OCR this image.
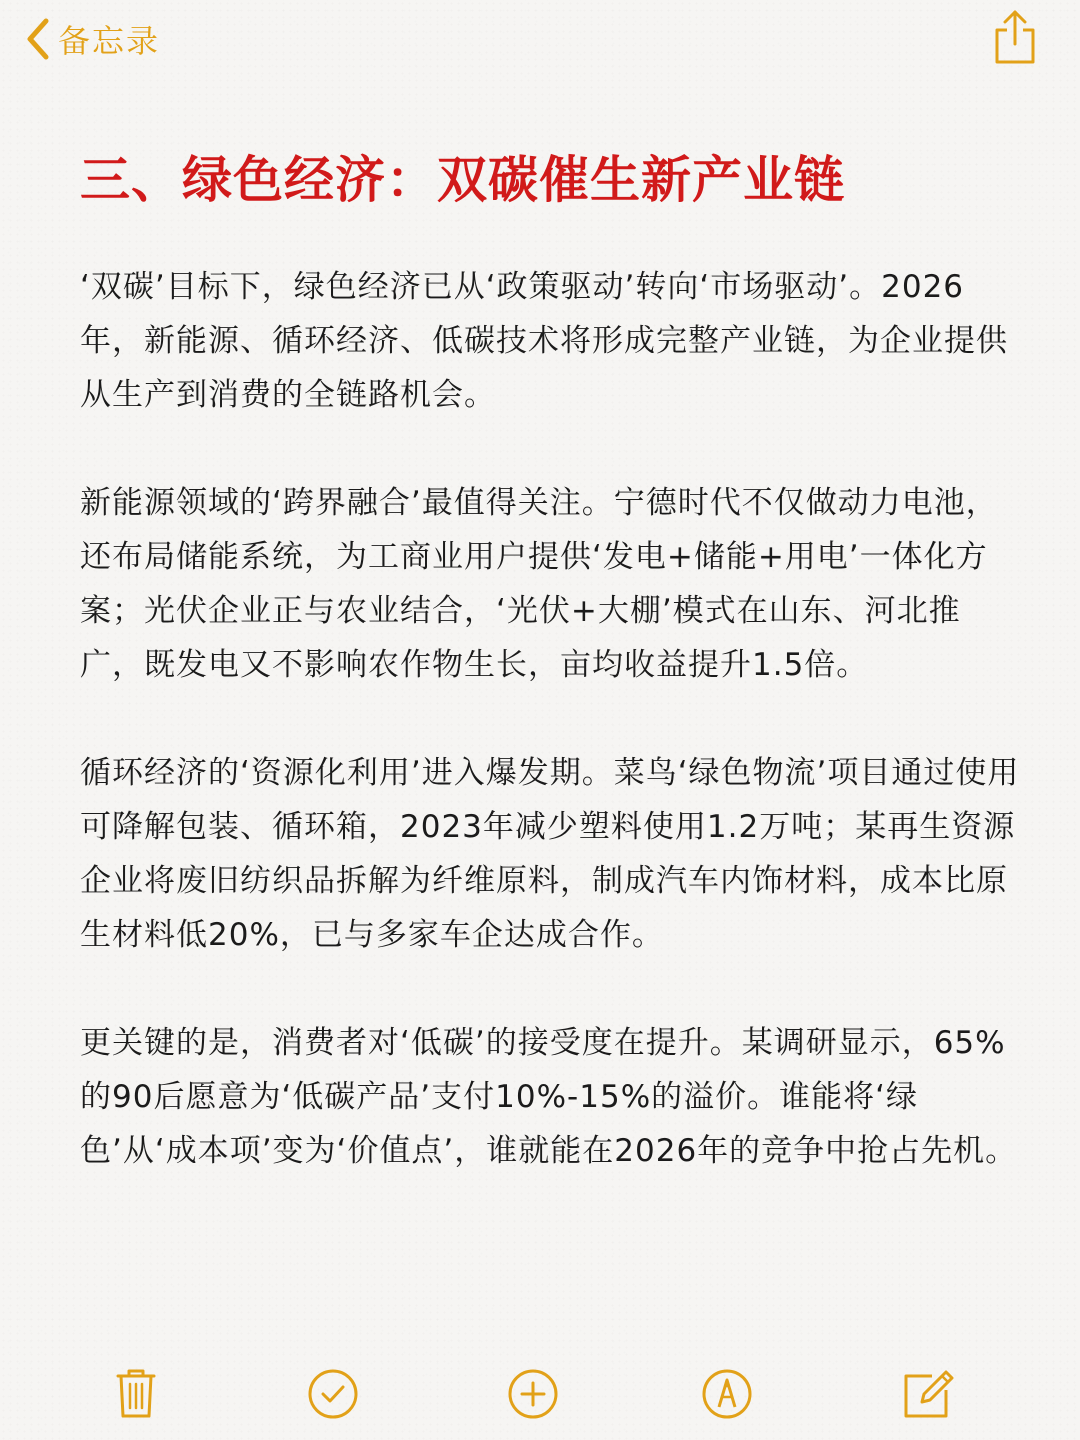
备忘录
三、绿色经济：双碳催生新产业链

‘双碳’目标下，绿色经济已从‘政策驱动’转向‘市场驱动’。2026年，新能源、循环经济、低碳技术将形成完整产业链，为企业提供从生产到消费的全链路机会。

新能源领域的‘跨界融合’最值得关注。宁德时代不仅做动力电池，还布局储能系统，为工商业用户提供‘发电+储能+用电’一体化方案；光伏企业正与农业结合，‘光伏+大棚’模式在山东、河北推广，既发电又不影响农作物生长，亩均收益提升1.5倍。

循环经济的‘资源化利用’进入爆发期。菜鸟‘绿色物流’项目通过使用可降解包装、循环箱，2023年减少塑料使用1.2万吨；某再生资源企业将废旧纺织品拆解为纤维原料，制成汽车内饰材料，成本比原生材料低20%，已与多家车企达成合作。

更关键的是，消费者对‘低碳’的接受度在提升。某调研显示，65%的90后愿意为‘低碳产品’支付10%-15%的溢价。谁能将‘绿色’从‘成本项’变为‘价值点’，谁就能在2026年的竞争中抢占先机。
